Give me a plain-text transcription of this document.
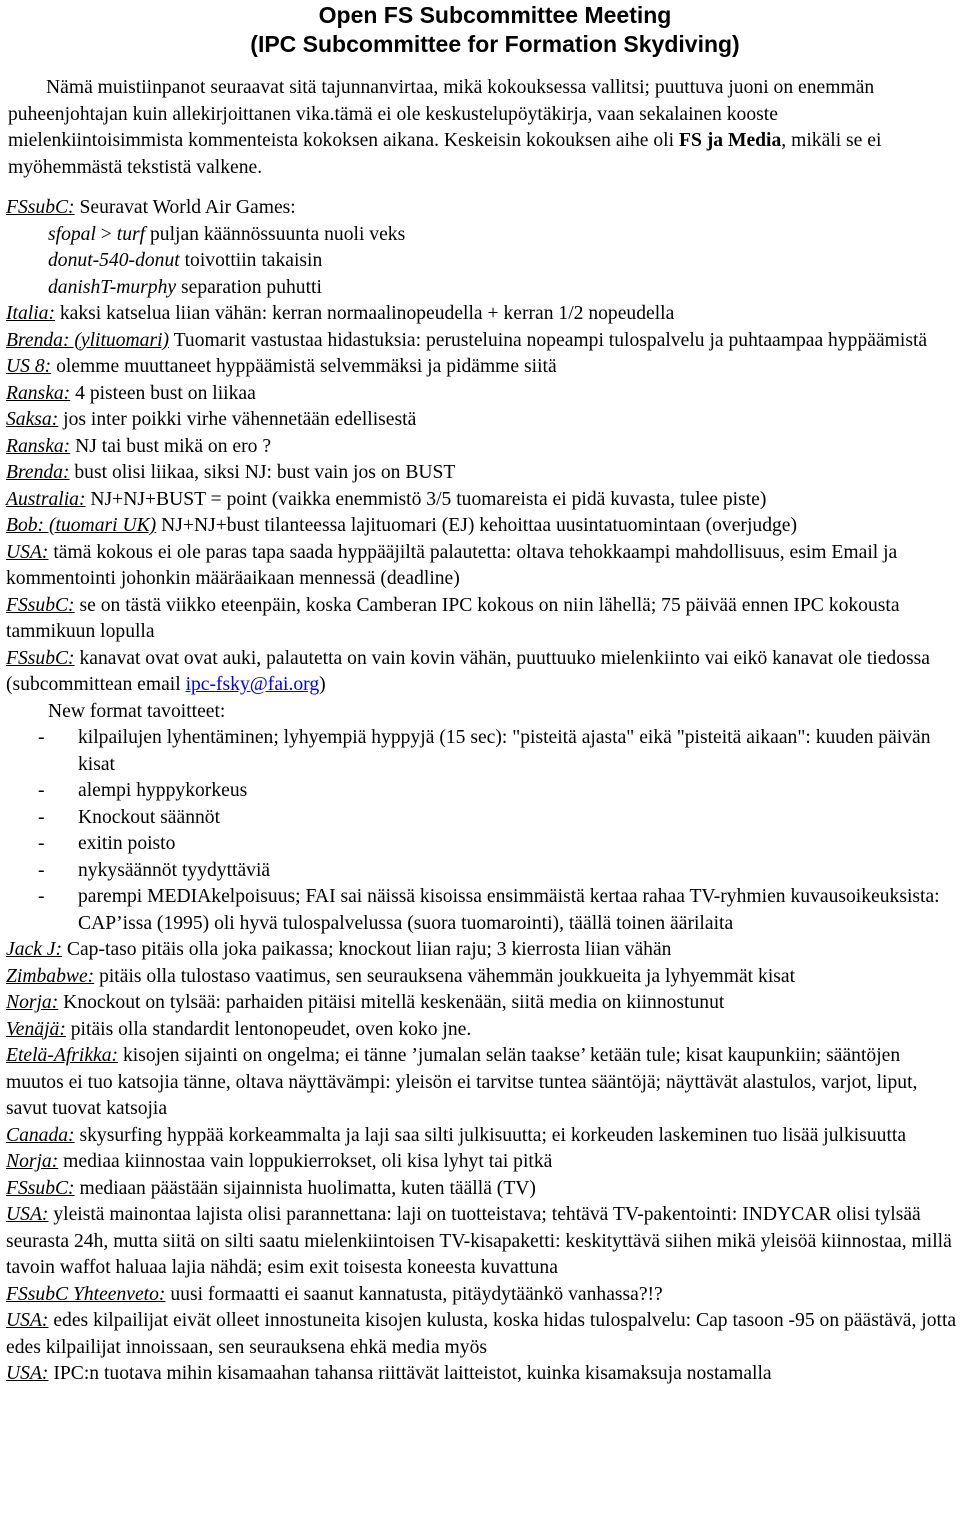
Open FS Subcommittee Meeting

(IPC Subcommittee for Formation Skydiving)

Nämä muistiinpanot seuraavat sitä tajunnanvirtaa, mikä kokouksessa vallitsi; puuttuva juoni on enemmän puheenjohtajan kuin allekirjoittanen vika.tämä ei ole keskustelupöytäkirja, vaan sekalainen kooste mielenkiintoisimmista kommenteista kokoksen aikana. Keskeisin kokouksen aihe oli FS ja Media, mikäli se ei myöhemmästä tekstistä valkene.

FSsubC: Seuravat World Air Games:

sfopal > turf puljan käännössuunta nuoli veks

donut-540-donut toivottiin takaisin

danishT-murphy separation puhutti

Italia: kaksi katselua liian vähän: kerran normaalinopeudella + kerran 1/2 nopeudella

Brenda: (ylituomari) Tuomarit vastustaa hidastuksia: perusteluina nopeampi tulospalvelu ja puhtaampaa hyppäämistä

US 8: olemme muuttaneet hyppäämistä selvemmäksi ja pidämme siitä

Ranska: 4 pisteen bust on liikaa

Saksa: jos inter poikki virhe vähennetään edellisestä

Ranska: NJ tai bust mikä on ero ?

Brenda: bust olisi liikaa, siksi NJ: bust vain jos on BUST

Australia: NJ+NJ+BUST = point (vaikka enemmistö 3/5 tuomareista ei pidä kuvasta, tulee piste)

Bob: (tuomari UK) NJ+NJ+bust tilanteessa lajituomari (EJ) kehoittaa uusintatuomintaan (overjudge)

USA: tämä kokous ei ole paras tapa saada hyppääjiltä palautetta: oltava tehokkaampi mahdollisuus, esim Email ja kommentointi johonkin määräaikaan mennessä (deadline)

FSsubC: se on tästä viikko eteenpäin, koska Camberan IPC kokous on niin lähellä; 75 päivää ennen IPC kokousta tammikuun lopulla

FSsubC: kanavat ovat ovat auki, palautetta on vain kovin vähän, puuttuuko mielenkiinto vai eikö kanavat ole tiedossa (subcommittean email ipc-fsky@fai.org)

New format tavoitteet:

-	kilpailujen lyhentäminen; lyhyempiä hyppyjä (15 sec): "pisteitä ajasta" eikä "pisteitä aikaan": kuuden päivän kisat
-	alempi hyppykorkeus
-	Knockout säännöt
-	exitin poisto
-	nykysäännöt tyydyttäviä
-	parempi MEDIAkelpoisuus; FAI sai näissä kisoissa ensimmäistä kertaa rahaa TV-ryhmien kuvausoikeuksista: CAP’issa (1995) oli hyvä tulospalvelussa (suora tuomarointi), täällä toinen äärilaita

Jack J: Cap-taso pitäis olla joka paikassa; knockout liian raju; 3 kierrosta liian vähän

Zimbabwe: pitäis olla tulostaso vaatimus, sen seurauksena vähemmän joukkueita ja lyhyemmät kisat

Norja: Knockout on tylsää: parhaiden pitäisi mitellä keskenään, siitä media on kiinnostunut

Venäjä: pitäis olla standardit lentonopeudet, oven koko jne.

Etelä-Afrikka: kisojen sijainti on ongelma; ei tänne ’jumalan selän taakse’ ketään tule; kisat kaupunkiin; sääntöjen muutos ei tuo katsojia tänne, oltava näyttävämpi: yleisön ei tarvitse tuntea sääntöjä; näyttävät alastulos, varjot, liput, savut tuovat katsojia

Canada: skysurfing hyppää korkeammalta ja laji saa silti julkisuutta; ei korkeuden laskeminen tuo lisää julkisuutta

Norja: mediaa kiinnostaa vain loppukierrokset, oli kisa lyhyt tai pitkä

FSsubC: mediaan päästään sijainnista huolimatta, kuten täällä (TV)

USA: yleistä mainontaa lajista olisi parannettana: laji on tuotteistava; tehtävä TV-pakentointi: INDYCAR olisi tylsää seurasta 24h, mutta siitä on silti saatu mielenkiintoisen TV-kisapaketti: keskityttävä siihen mikä yleisöä kiinnostaa, millä tavoin waffot haluaa lajia nähdä; esim exit toisesta koneesta kuvattuna

FSsubC Yhteenveto: uusi formaatti ei saanut kannatusta, pitäydytäänkö vanhassa?!?

USA: edes kilpailijat eivät olleet innostuneita kisojen kulusta, koska hidas tulospalvelu: Cap tasoon -95 on päästävä, jotta edes kilpailijat innoissaan, sen seurauksena ehkä media myös

USA: IPC:n tuotava mihin kisamaahan tahansa riittävät laitteistot, kuinka kisamaksuja nostamalla
